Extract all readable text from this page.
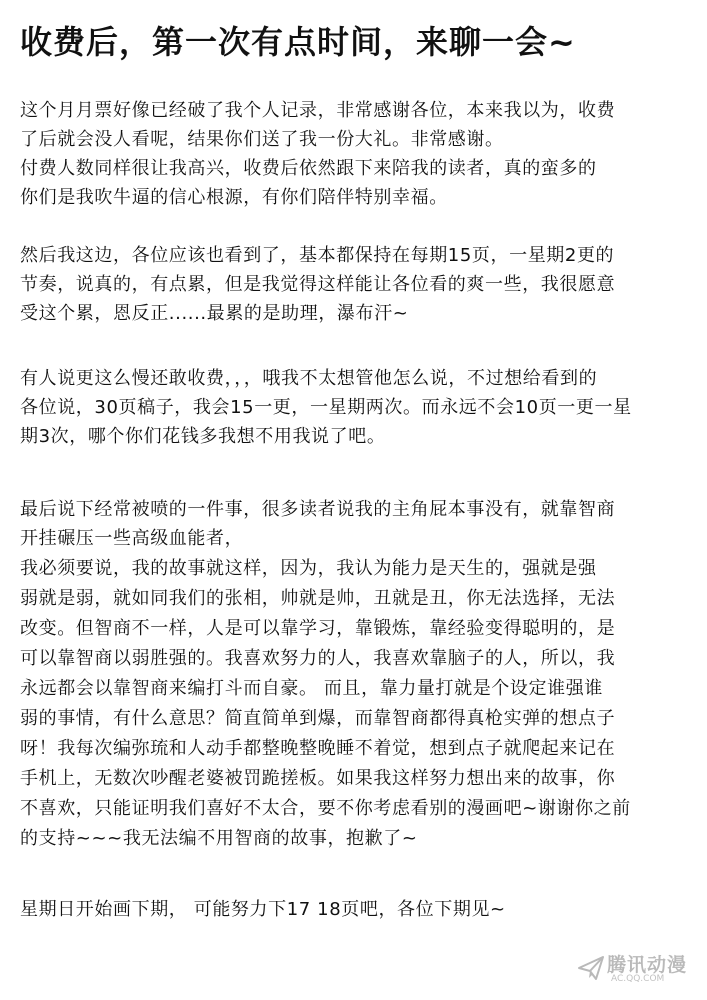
收费后，第一次有点时间，来聊一会~
这个月月票好像已经破了我个人记录，非常感谢各位，本来我以为，收费
了后就会没人看呢，结果你们送了我一份大礼。非常感谢。
付费人数同样很让我高兴，收费后依然跟下来陪我的读者，真的蛮多的
你们是我吹牛逼的信心根源，有你们陪伴特别幸福。
然后我这边，各位应该也看到了，基本都保持在每期15页，一星期2更的
节奏，说真的，有点累，但是我觉得这样能让各位看的爽一些，我很愿意
受这个累，恩反正......最累的是助理，瀑布汗~
有人说更这么慢还敢收费，，，哦我不太想管他怎么说，不过想给看到的
各位说，30页稿子，我会15一更，一星期两次。而永远不会10页一更一星
期3次，哪个你们花钱多我想不用我说了吧。
最后说下经常被喷的一件事，很多读者说我的主角屁本事没有，就靠智商
开挂碾压一些高级血能者，
我必须要说，我的故事就这样，因为，我认为能力是天生的，强就是强
弱就是弱，就如同我们的张相，帅就是帅，丑就是丑，你无法选择，无法
改变。但智商不一样，人是可以靠学习，靠锻炼，靠经验变得聪明的，是
可以靠智商以弱胜强的。我喜欢努力的人，我喜欢靠脑子的人，所以，我
永远都会以靠智商来编打斗而自豪。 而且，靠力量打就是个设定谁强谁
弱的事情，有什么意思？简直简单到爆，而靠智商都得真枪实弹的想点子
呀！我每次编弥琉和人动手都整晚整晚睡不着觉，想到点子就爬起来记在
手机上，无数次吵醒老婆被罚跪搓板。如果我这样努力想出来的故事，你
不喜欢，只能证明我们喜好不太合，要不你考虑看别的漫画吧~谢谢你之前
的支持~~~我无法编不用智商的故事，抱歉了~
星期日开始画下期， 可能努力下17 18页吧，各位下期见~
腾讯动漫
AC.QQ.COM
